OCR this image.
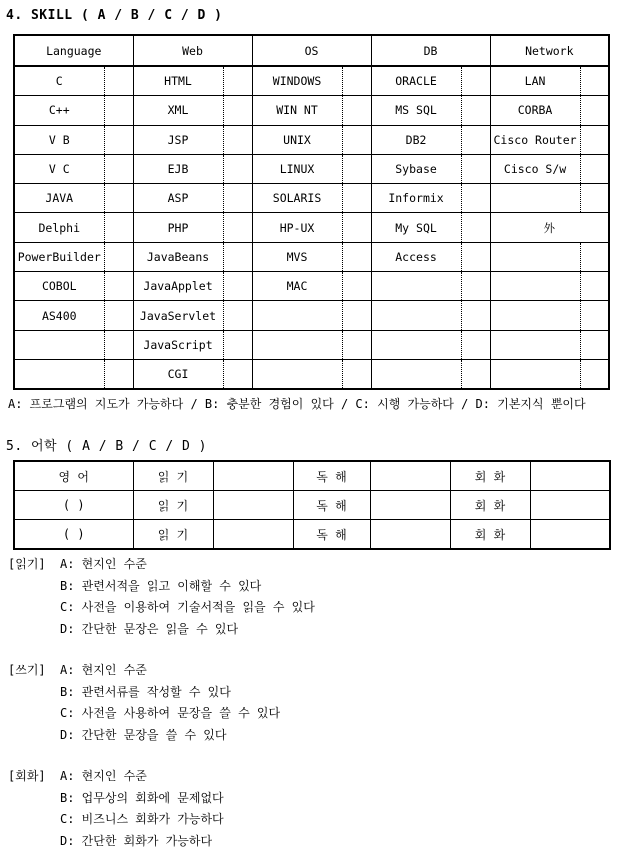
4. SKILL ( A / B / C / D )
Language		Web		OS		DB		Network	
C		HTML		WINDOWS		ORACLE		LAN	
C++		XML		WIN NT		MS SQL		CORBA	
V B		JSP		UNIX		DB2		Cisco Router	
V C		EJB		LINUX		Sybase		Cisco S/w	
JAVA		ASP		SOLARIS		Informix			
Delphi		PHP		HP-UX		My SQL		外	
PowerBuilder		JavaBeans		MVS		Access			
COBOL		JavaApplet		MAC					
AS400		JavaServlet							
		JavaScript							
		CGI							
A: 프로그램의 지도가 가능하다 / B: 충분한 경험이 있다 / C: 시행 가능하다 / D: 기본지식 뿐이다
5. 어학 ( A / B / C / D )
영 어	읽 기		독 해		회 화	
( )	읽 기		독 해		회 화	
( )	읽 기		독 해		회 화	
[읽기]	A: 현지인 수준
B: 관련서적을 읽고 이해할 수 있다
C: 사전을 이용하여 기술서적을 읽을 수 있다
D: 간단한 문장은 읽을 수 있다
[쓰기]	A: 현지인 수준
B: 관련서류를 작성할 수 있다
C: 사전을 사용하여 문장을 쓸 수 있다
D: 간단한 문장을 쓸 수 있다
[회화]	A: 현지인 수준
B: 업무상의 회화에 문제없다
C: 비즈니스 회화가 가능하다
D: 간단한 회화가 가능하다
